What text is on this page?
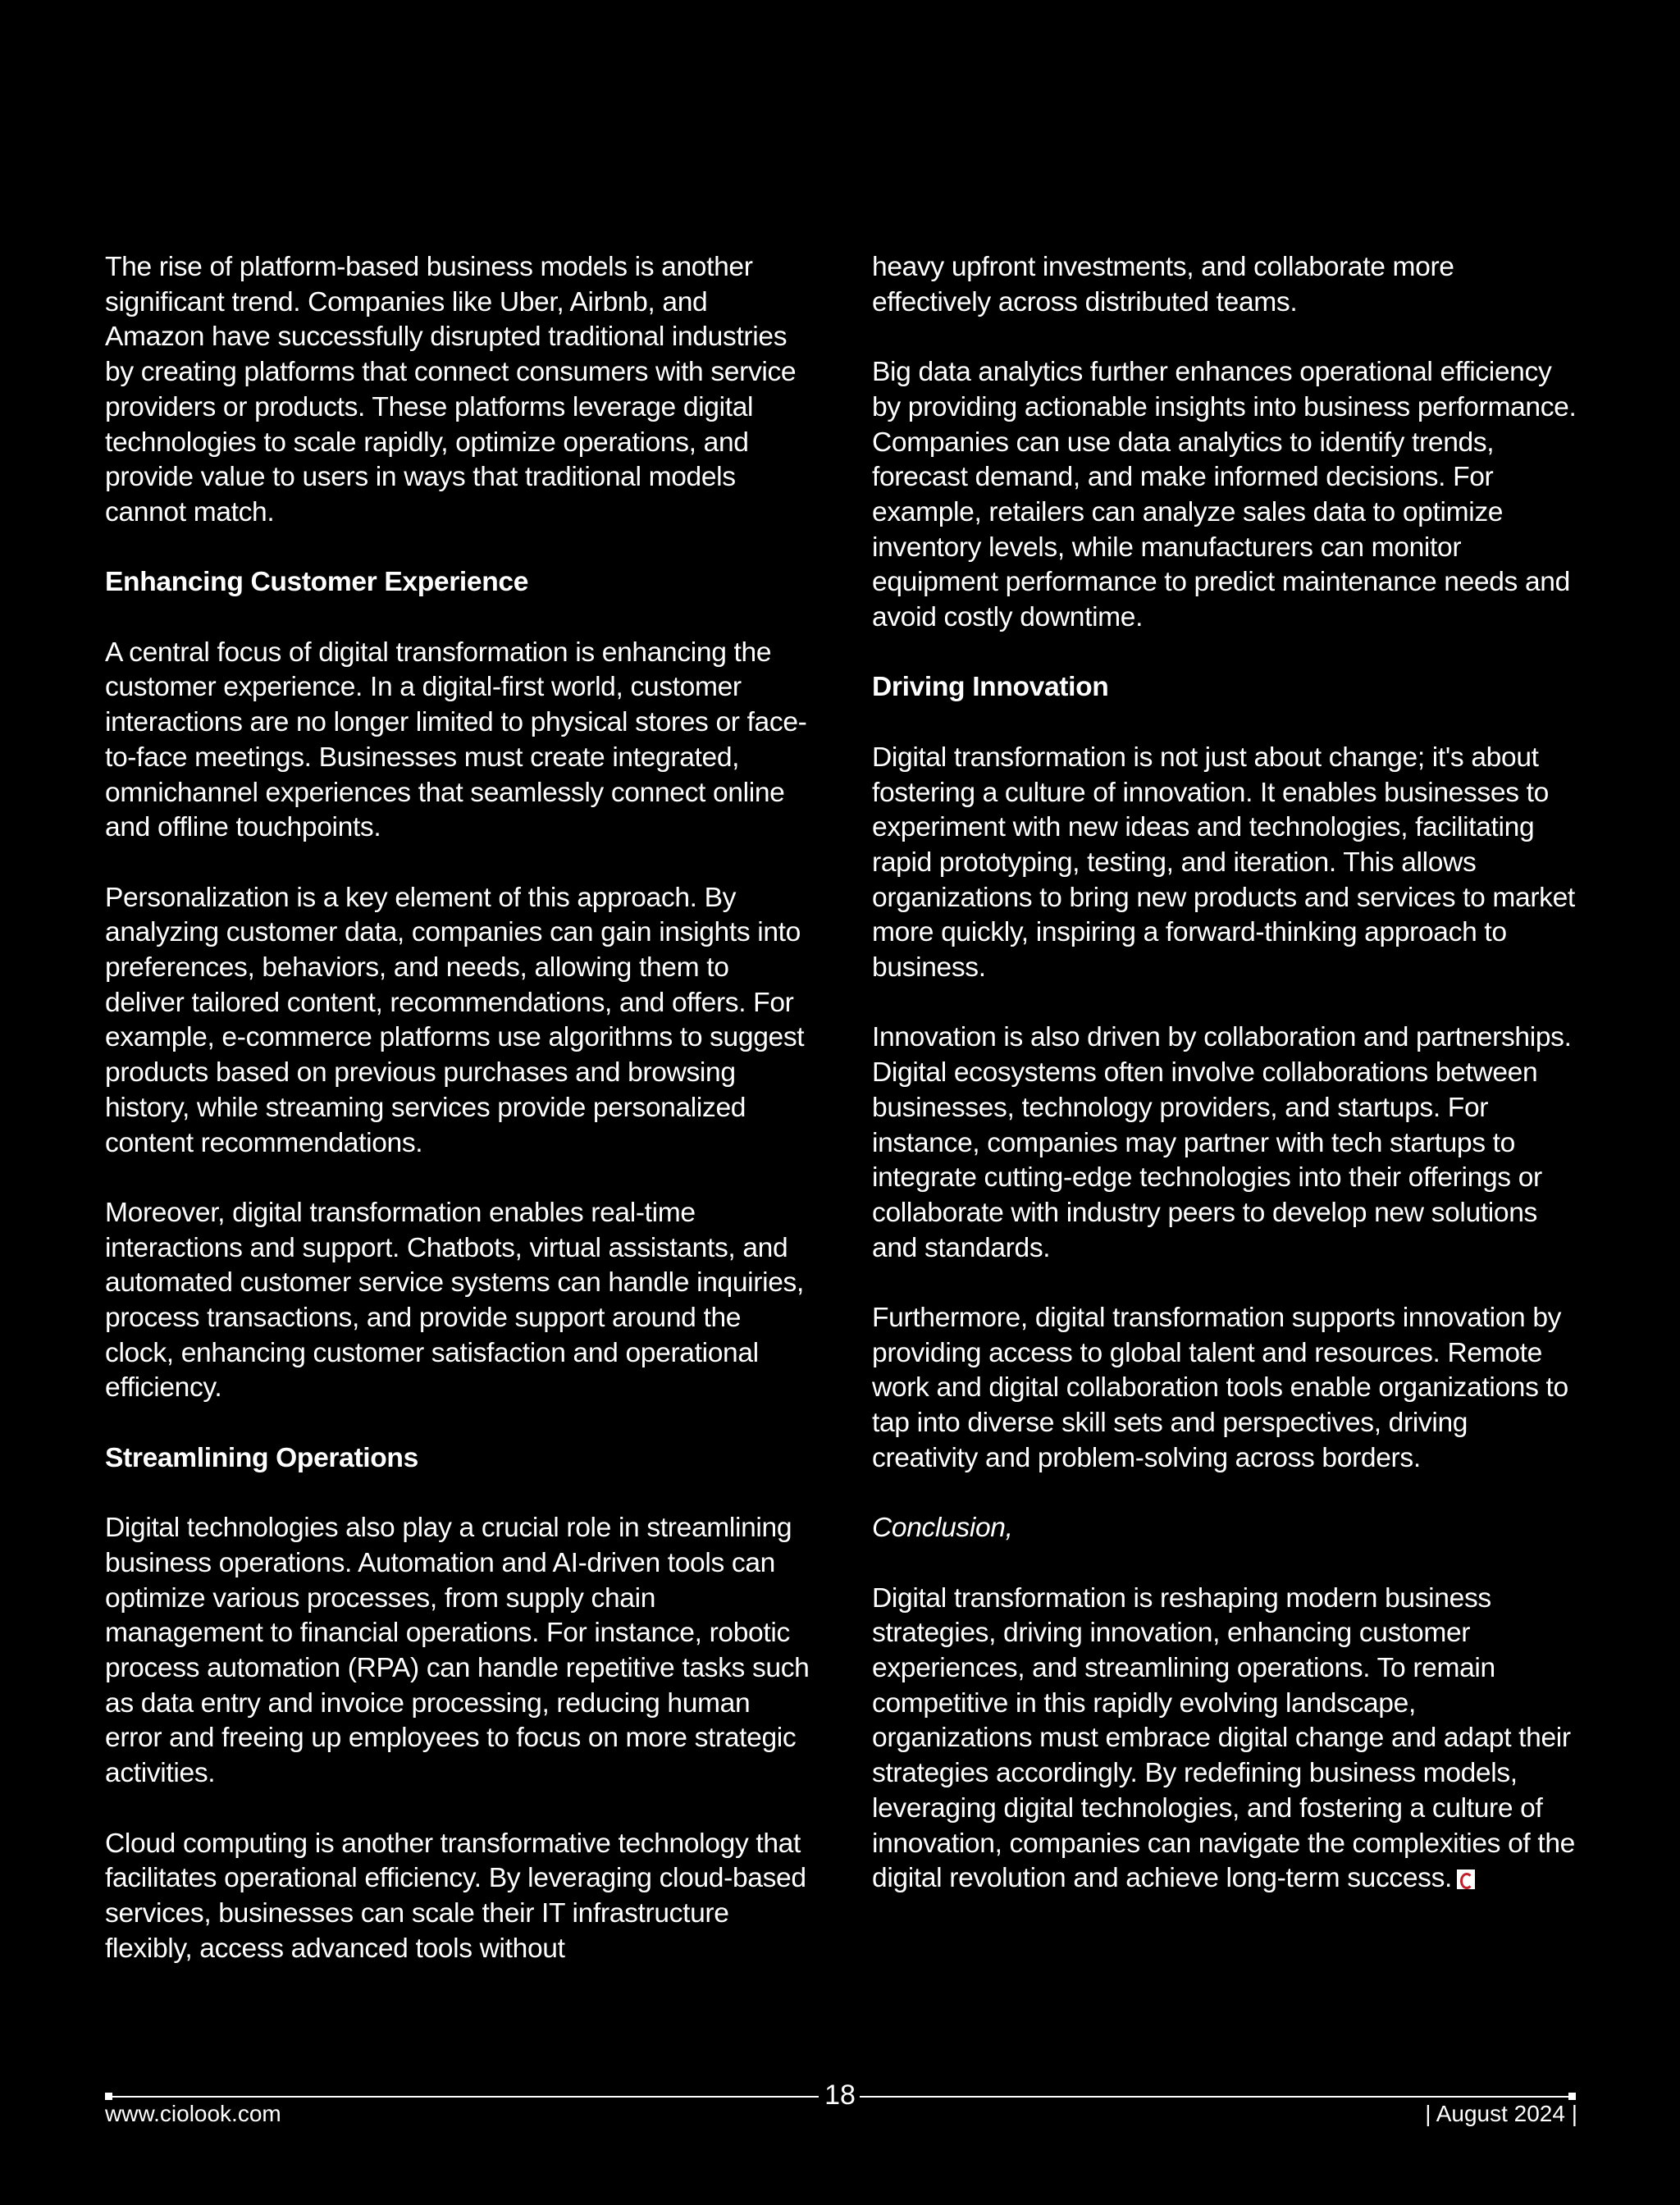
The rise of platform-based business models is another significant trend. Companies like Uber, Airbnb, and Amazon have successfully disrupted traditional industries by creating platforms that connect consumers with service providers or products. These platforms leverage digital technologies to scale rapidly, optimize operations, and provide value to users in ways that traditional models cannot match.

Enhancing Customer Experience

A central focus of digital transformation is enhancing the customer experience. In a digital-first world, customer interactions are no longer limited to physical stores or face-to-face meetings. Businesses must create integrated, omnichannel experiences that seamlessly connect online and offline touchpoints.

Personalization is a key element of this approach. By analyzing customer data, companies can gain insights into preferences, behaviors, and needs, allowing them to deliver tailored content, recommendations, and offers. For example, e-commerce platforms use algorithms to suggest products based on previous purchases and browsing history, while streaming services provide personalized content recommendations.

Moreover, digital transformation enables real-time interactions and support. Chatbots, virtual assistants, and automated customer service systems can handle inquiries, process transactions, and provide support around the clock, enhancing customer satisfaction and operational efficiency.

Streamlining Operations

Digital technologies also play a crucial role in streamlining business operations. Automation and AI-driven tools can optimize various processes, from supply chain management to financial operations. For instance, robotic process automation (RPA) can handle repetitive tasks such as data entry and invoice processing, reducing human error and freeing up employees to focus on more strategic activities.

Cloud computing is another transformative technology that facilitates operational efficiency. By leveraging cloud-based services, businesses can scale their IT infrastructure flexibly, access advanced tools without

heavy upfront investments, and collaborate more effectively across distributed teams.

Big data analytics further enhances operational efficiency by providing actionable insights into business performance. Companies can use data analytics to identify trends, forecast demand, and make informed decisions. For example, retailers can analyze sales data to optimize inventory levels, while manufacturers can monitor equipment performance to predict maintenance needs and avoid costly downtime.

Driving Innovation

Digital transformation is not just about change; it's about fostering a culture of innovation. It enables businesses to experiment with new ideas and technologies, facilitating rapid prototyping, testing, and iteration. This allows organizations to bring new products and services to market more quickly, inspiring a forward-thinking approach to business.

Innovation is also driven by collaboration and partnerships. Digital ecosystems often involve collaborations between businesses, technology providers, and startups. For instance, companies may partner with tech startups to integrate cutting-edge technologies into their offerings or collaborate with industry peers to develop new solutions and standards.

Furthermore, digital transformation supports innovation by providing access to global talent and resources. Remote work and digital collaboration tools enable organizations to tap into diverse skill sets and perspectives, driving creativity and problem-solving across borders.

Conclusion,

Digital transformation is reshaping modern business strategies, driving innovation, enhancing customer experiences, and streamlining operations. To remain competitive in this rapidly evolving landscape, organizations must embrace digital change and adapt their strategies accordingly. By redefining business models, leveraging digital technologies, and fostering a culture of innovation, companies can navigate the complexities of the digital revolution and achieve long-term success.

18
www.ciolook.com	| August 2024 |
